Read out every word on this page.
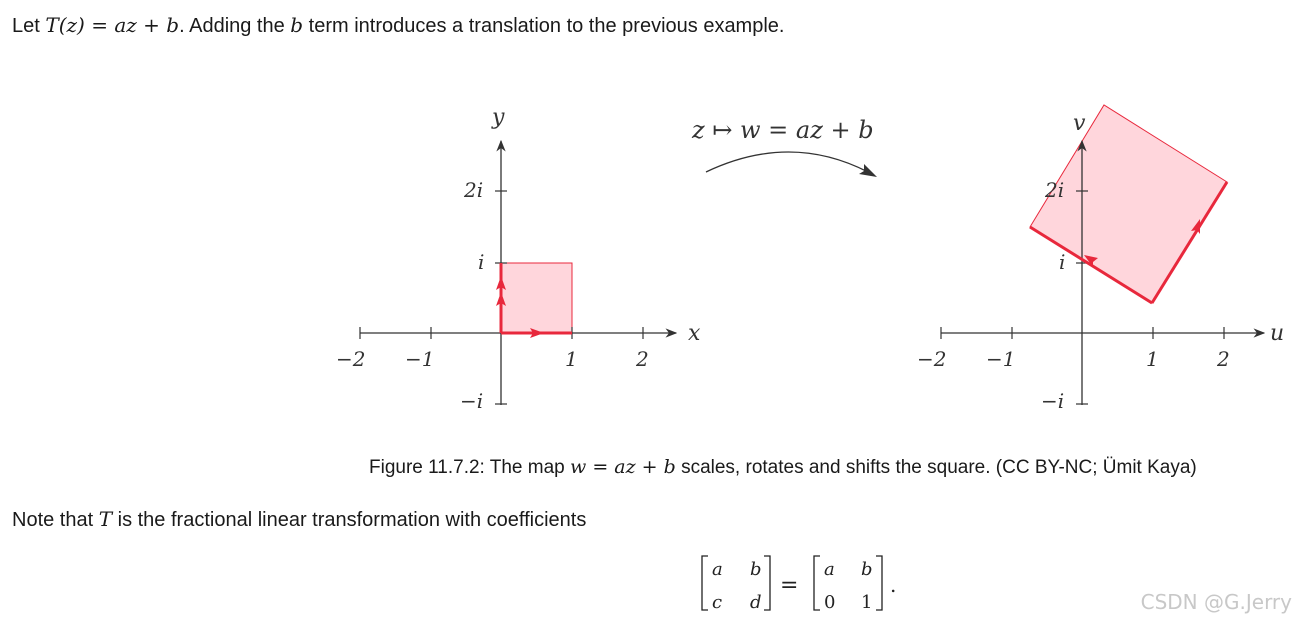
Let T(z) = az + b. Adding the b term introduces a translation to the previous example.
y
x
−2 −1	1	2
2i
i
−i
z ↦ w = az + b	v
u
−2 −1	1	2
2i
i
−i
Figure 11.7.2: The map w = az + b scales, rotates and shifts the square. (CC BY-NC; Ümit Kaya)
Note that T is the fractional linear transformation with coefficients
a b
c d
=
a b
0 1
.
CSDN @G.Jerry
